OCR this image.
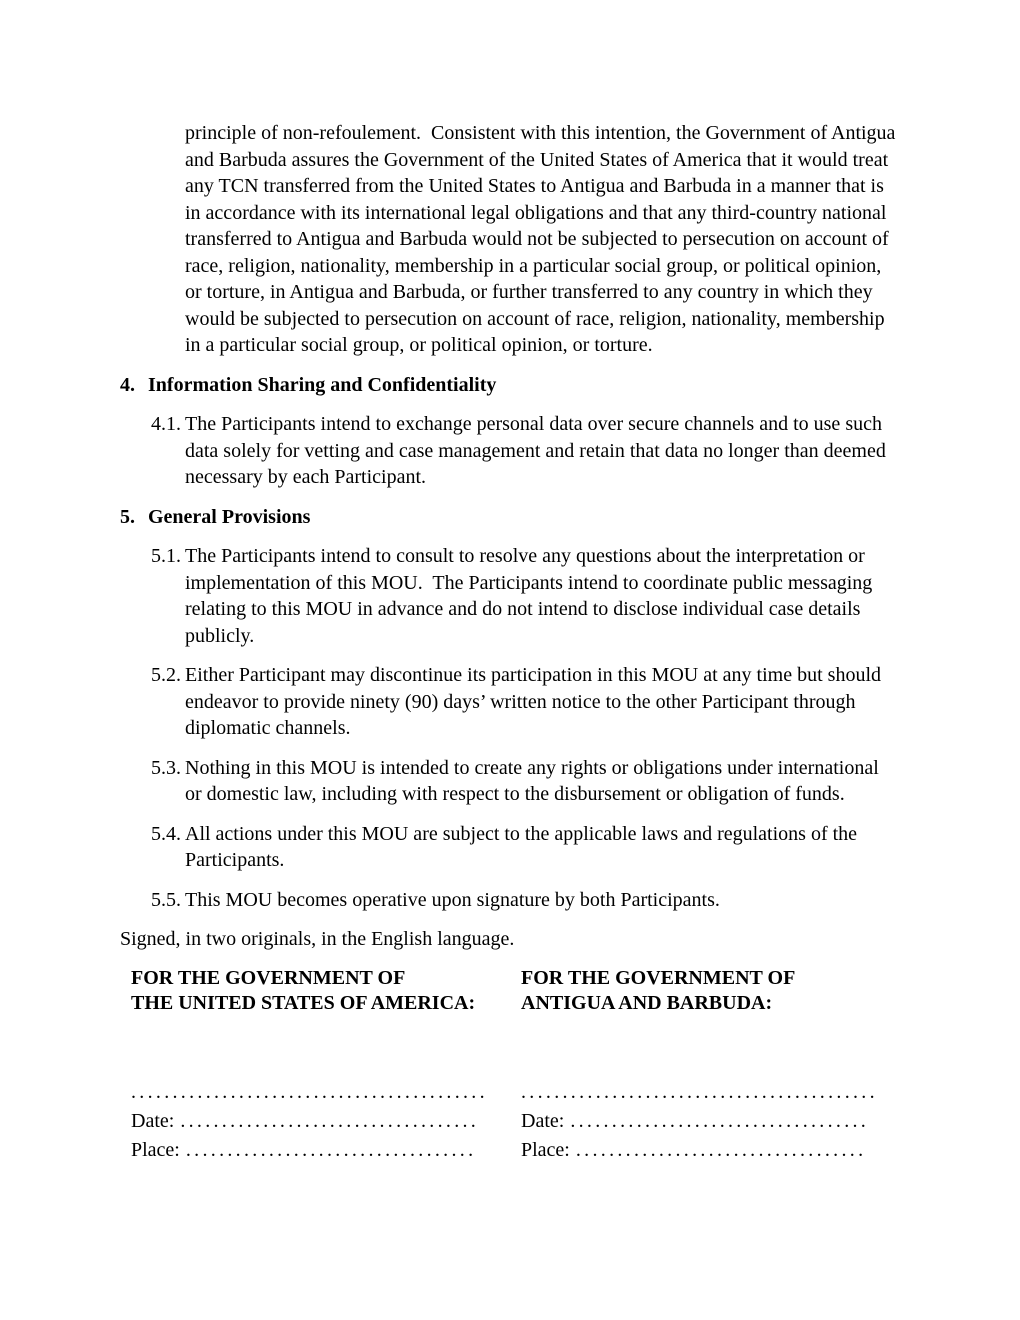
principle of non-refoulement.  Consistent with this intention, the Government of Antigua and Barbuda assures the Government of the United States of America that it would treat any TCN transferred from the United States to Antigua and Barbuda in a manner that is in accordance with its international legal obligations and that any third-country national transferred to Antigua and Barbuda would not be subjected to persecution on account of race, religion, nationality, membership in a particular social group, or political opinion, or torture, in Antigua and Barbuda, or further transferred to any country in which they would be subjected to persecution on account of race, religion, nationality, membership in a particular social group, or political opinion, or torture.
4. Information Sharing and Confidentiality
4.1. The Participants intend to exchange personal data over secure channels and to use such data solely for vetting and case management and retain that data no longer than deemed necessary by each Participant.
5. General Provisions
5.1. The Participants intend to consult to resolve any questions about the interpretation or implementation of this MOU.  The Participants intend to coordinate public messaging relating to this MOU in advance and do not intend to disclose individual case details publicly.
5.2. Either Participant may discontinue its participation in this MOU at any time but should endeavor to provide ninety (90) days’ written notice to the other Participant through diplomatic channels.
5.3. Nothing in this MOU is intended to create any rights or obligations under international or domestic law, including with respect to the disbursement or obligation of funds.
5.4. All actions under this MOU are subject to the applicable laws and regulations of the Participants.
5.5. This MOU becomes operative upon signature by both Participants.
Signed, in two originals, in the English language.
FOR THE GOVERNMENT OF
THE UNITED STATES OF AMERICA:
...........................................
Date: ....................................
Place: ...................................
FOR THE GOVERNMENT OF
ANTIGUA AND BARBUDA:
...........................................
Date: ....................................
Place: ...................................
